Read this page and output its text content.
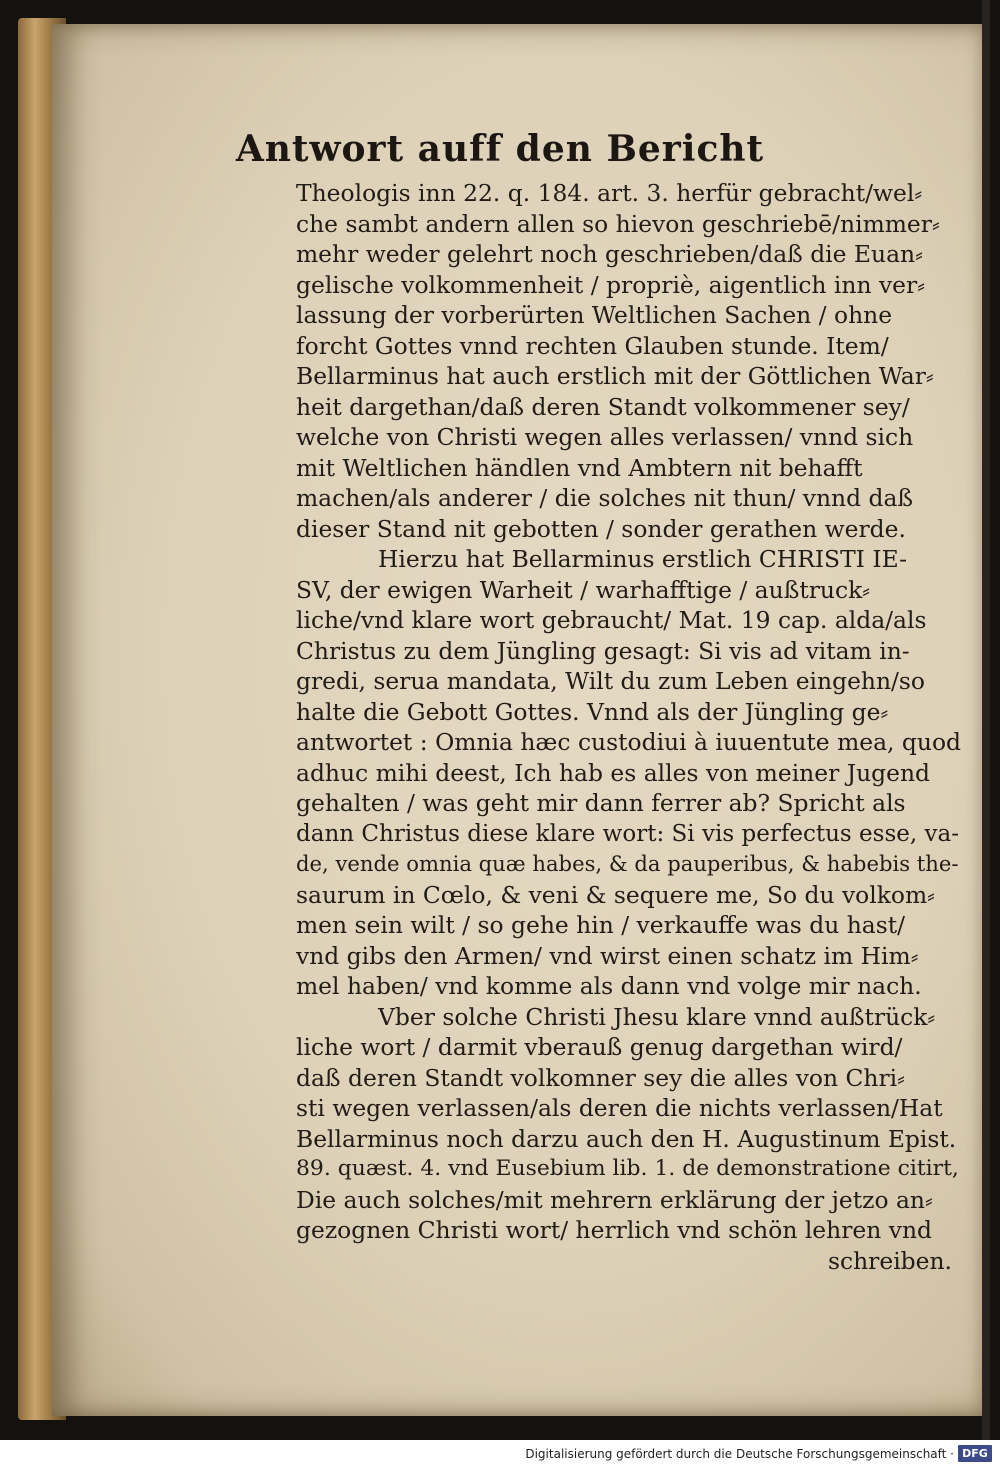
Antwort auff den Bericht
Theologis inn 22. q. 184. art. 3. herfür gebracht/wel⸗
che sambt andern allen so hievon geschriebē/nimmer⸗
mehr weder gelehrt noch geschrieben/daß die Euan⸗
gelische volkommenheit / propriè, aigentlich inn ver⸗
lassung der vorberürten Weltlichen Sachen / ohne
forcht Gottes vnnd rechten Glauben stunde. Item/
Bellarminus hat auch erstlich mit der Göttlichen War⸗
heit dargethan/daß deren Standt volkommener sey/
welche von Christi wegen alles verlassen/ vnnd sich
mit Weltlichen händlen vnd Ambtern nit behafft
machen/als anderer / die solches nit thun/ vnnd daß
dieser Stand nit gebotten / sonder gerathen werde.
Hierzu hat Bellarminus erstlich CHRISTI IE-
SV, der ewigen Warheit / warhafftige / außtruck⸗
liche/vnd klare wort gebraucht/ Mat. 19 cap. alda/als
Christus zu dem Jüngling gesagt: Si vis ad vitam in-
gredi, serua mandata, Wilt du zum Leben eingehn/so
halte die Gebott Gottes. Vnnd als der Jüngling ge⸗
antwortet : Omnia hæc custodiui à iuuentute mea, quod
adhuc mihi deest, Ich hab es alles von meiner Jugend
gehalten / was geht mir dann ferrer ab? Spricht als
dann Christus diese klare wort: Si vis perfectus esse, va-
de, vende omnia quæ habes, & da pauperibus, & habebis the-
saurum in Cœlo, & veni & sequere me, So du volkom⸗
men sein wilt / so gehe hin / verkauffe was du hast/
vnd gibs den Armen/ vnd wirst einen schatz im Him⸗
mel haben/ vnd komme als dann vnd volge mir nach.
Vber solche Christi Jhesu klare vnnd außtrück⸗
liche wort / darmit vberauß genug dargethan wird/
daß deren Standt volkomner sey die alles von Chri⸗
sti wegen verlassen/als deren die nichts verlassen/Hat
Bellarminus noch darzu auch den H. Augustinum Epist.
89. quæst. 4. vnd Eusebium lib. 1. de demonstratione citirt,
Die auch solches/mit mehrern erklärung der jetzo an⸗
gezognen Christi wort/ herrlich vnd schön lehren vnd
schreiben.
Digitalisierung gefördert durch die Deutsche Forschungsgemeinschaft · DFG
